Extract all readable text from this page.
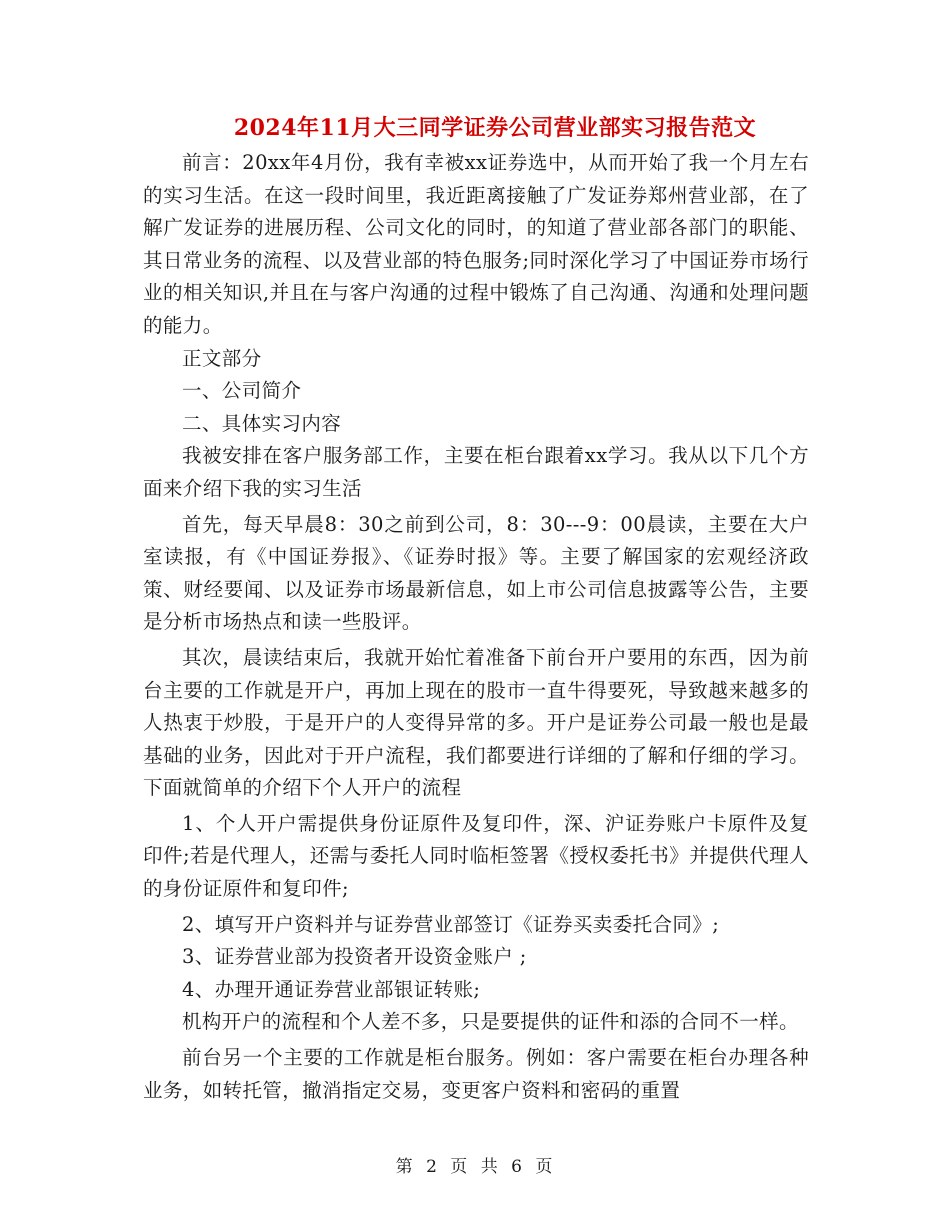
2024年11月大三同学证券公司营业部实习报告范文

前言：20xx年4月份，我有幸被xx证券选中，从而开始了我一个月左右的实习生活。在这一段时间里，我近距离接触了广发证券郑州营业部，在了解广发证券的进展历程、公司文化的同时，的知道了营业部各部门的职能、其日常业务的流程、以及营业部的特色服务;同时深化学习了中国证券市场行业的相关知识,并且在与客户沟通的过程中锻炼了自己沟通、沟通和处理问题的能力。

正文部分

一、公司简介

二、具体实习内容

我被安排在客户服务部工作，主要在柜台跟着xx学习。我从以下几个方面来介绍下我的实习生活

首先，每天早晨8：30之前到公司，8：30---9：00晨读，主要在大户室读报，有《中国证券报》、《证券时报》等。主要了解国家的宏观经济政策、财经要闻、以及证券市场最新信息，如上市公司信息披露等公告，主要是分析市场热点和读一些股评。

其次，晨读结束后，我就开始忙着准备下前台开户要用的东西，因为前台主要的工作就是开户，再加上现在的股市一直牛得要死，导致越来越多的人热衷于炒股，于是开户的人变得异常的多。开户是证券公司最一般也是最基础的业务，因此对于开户流程，我们都要进行详细的了解和仔细的学习。下面就简单的介绍下个人开户的流程

1、个人开户需提供身份证原件及复印件，深、沪证券账户卡原件及复印件;若是代理人，还需与委托人同时临柜签署《授权委托书》并提供代理人的身份证原件和复印件;

2、填写开户资料并与证券营业部签订《证券买卖委托合同》;

3、证券营业部为投资者开设资金账户 ;

4、办理开通证券营业部银证转账;

机构开户的流程和个人差不多，只是要提供的证件和添的合同不一样。

前台另一个主要的工作就是柜台服务。例如：客户需要在柜台办理各种业务，如转托管，撤消指定交易，变更客户资料和密码的重置

第 2 页 共 6 页
